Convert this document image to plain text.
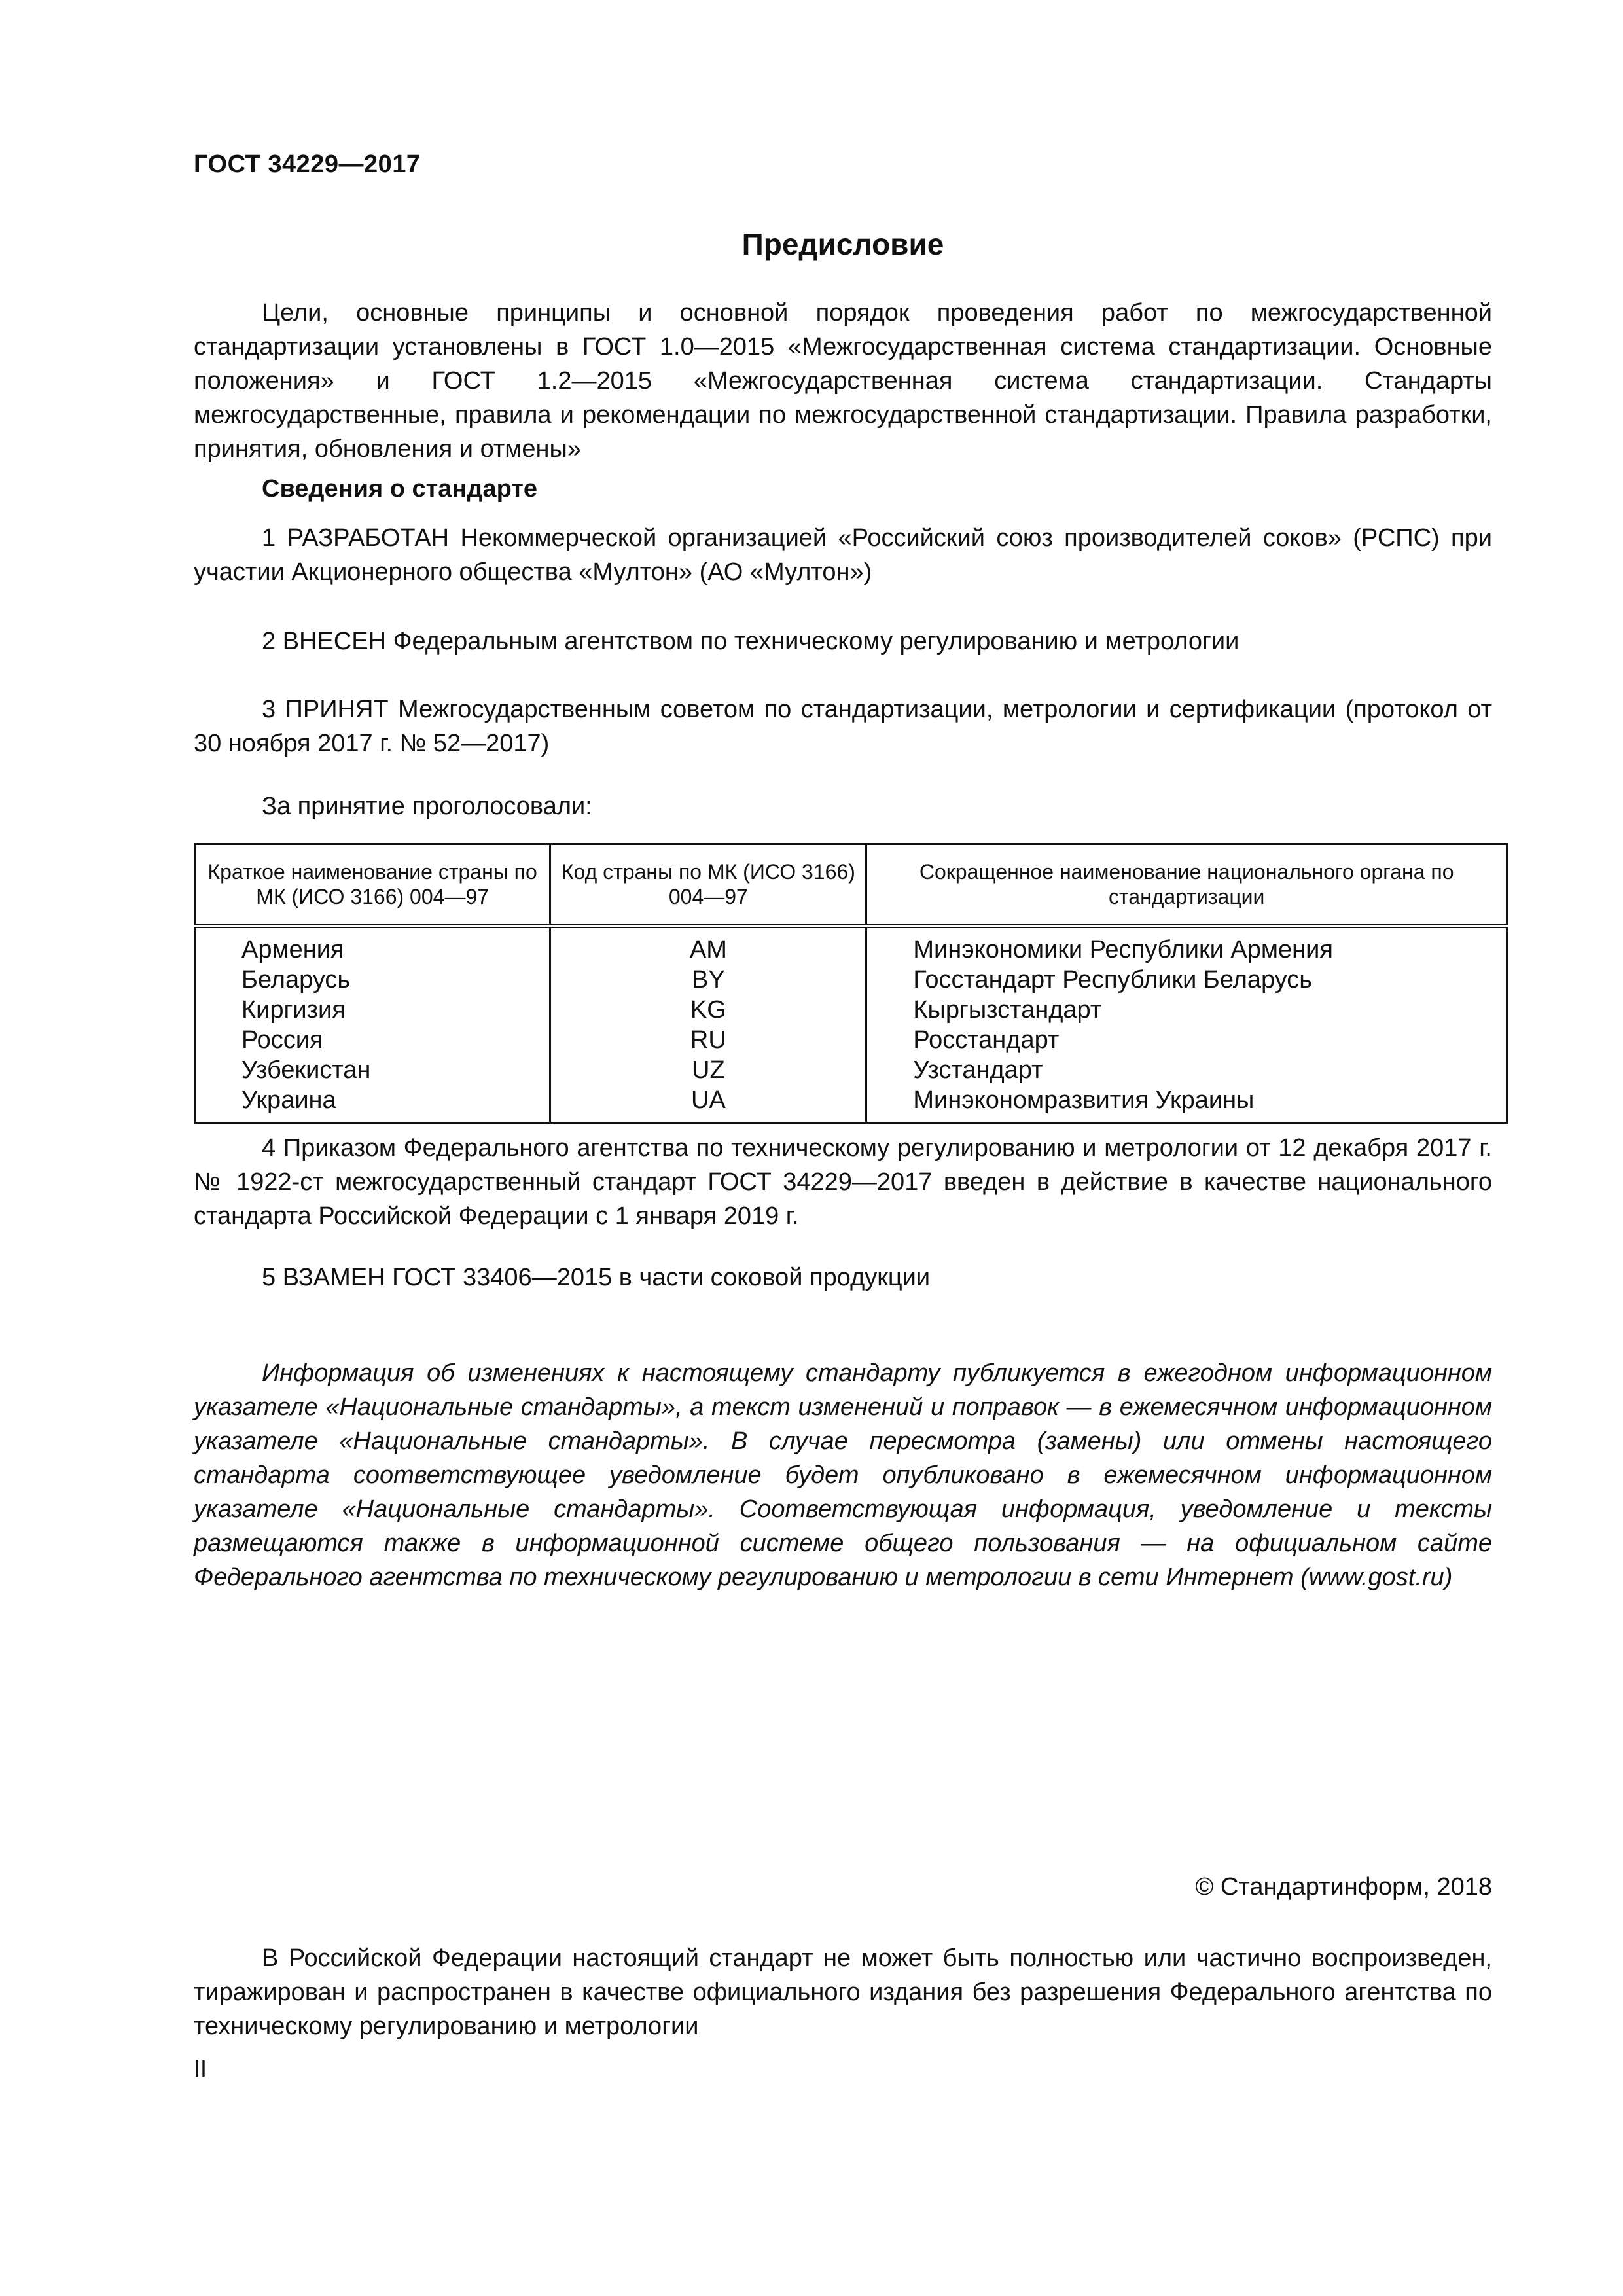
ГОСТ 34229—2017
Предисловие
Цели, основные принципы и основной порядок проведения работ по межгосударственной стандартизации установлены в ГОСТ 1.0—2015 «Межгосударственная система стандартизации. Основные положения» и ГОСТ 1.2—2015 «Межгосударственная система стандартизации. Стандарты межгосударственные, правила и рекомендации по межгосударственной стандартизации. Правила разработки, принятия, обновления и отмены»
Сведения о стандарте
1 РАЗРАБОТАН Некоммерческой организацией «Российский союз производителей соков» (РСПС) при участии Акционерного общества «Мултон» (АО «Мултон»)
2 ВНЕСЕН Федеральным агентством по техническому регулированию и метрологии
3 ПРИНЯТ Межгосударственным советом по стандартизации, метрологии и сертификации (протокол от 30 ноября 2017 г. № 52—2017)
За принятие проголосовали:
Краткое наименование страны по МК (ИСО 3166) 004—97	Код страны по МК (ИСО 3166) 004—97	Сокращенное наименование национального органа по стандартизации
Армения	AM	Минэкономики Республики Армения
Беларусь	BY	Госстандарт Республики Беларусь
Киргизия	KG	Кыргызстандарт
Россия	RU	Росстандарт
Узбекистан	UZ	Узстандарт
Украина	UA	Минэкономразвития Украины
4 Приказом Федерального агентства по техническому регулированию и метрологии от 12 декабря 2017 г. № 1922-ст межгосударственный стандарт ГОСТ 34229—2017 введен в действие в качестве национального стандарта Российской Федерации с 1 января 2019 г.
5 ВЗАМЕН ГОСТ 33406—2015 в части соковой продукции
Информация об изменениях к настоящему стандарту публикуется в ежегодном информационном указателе «Национальные стандарты», а текст изменений и поправок — в ежемесячном информационном указателе «Национальные стандарты». В случае пересмотра (замены) или отмены настоящего стандарта соответствующее уведомление будет опубликовано в ежемесячном информационном указателе «Национальные стандарты». Соответствующая информация, уведомление и тексты размещаются также в информационной системе общего пользования — на официальном сайте Федерального агентства по техническому регулированию и метрологии в сети Интернет (www.gost.ru)
© Стандартинформ, 2018
В Российской Федерации настоящий стандарт не может быть полностью или частично воспроизведен, тиражирован и распространен в качестве официального издания без разрешения Федерального агентства по техническому регулированию и метрологии
II
